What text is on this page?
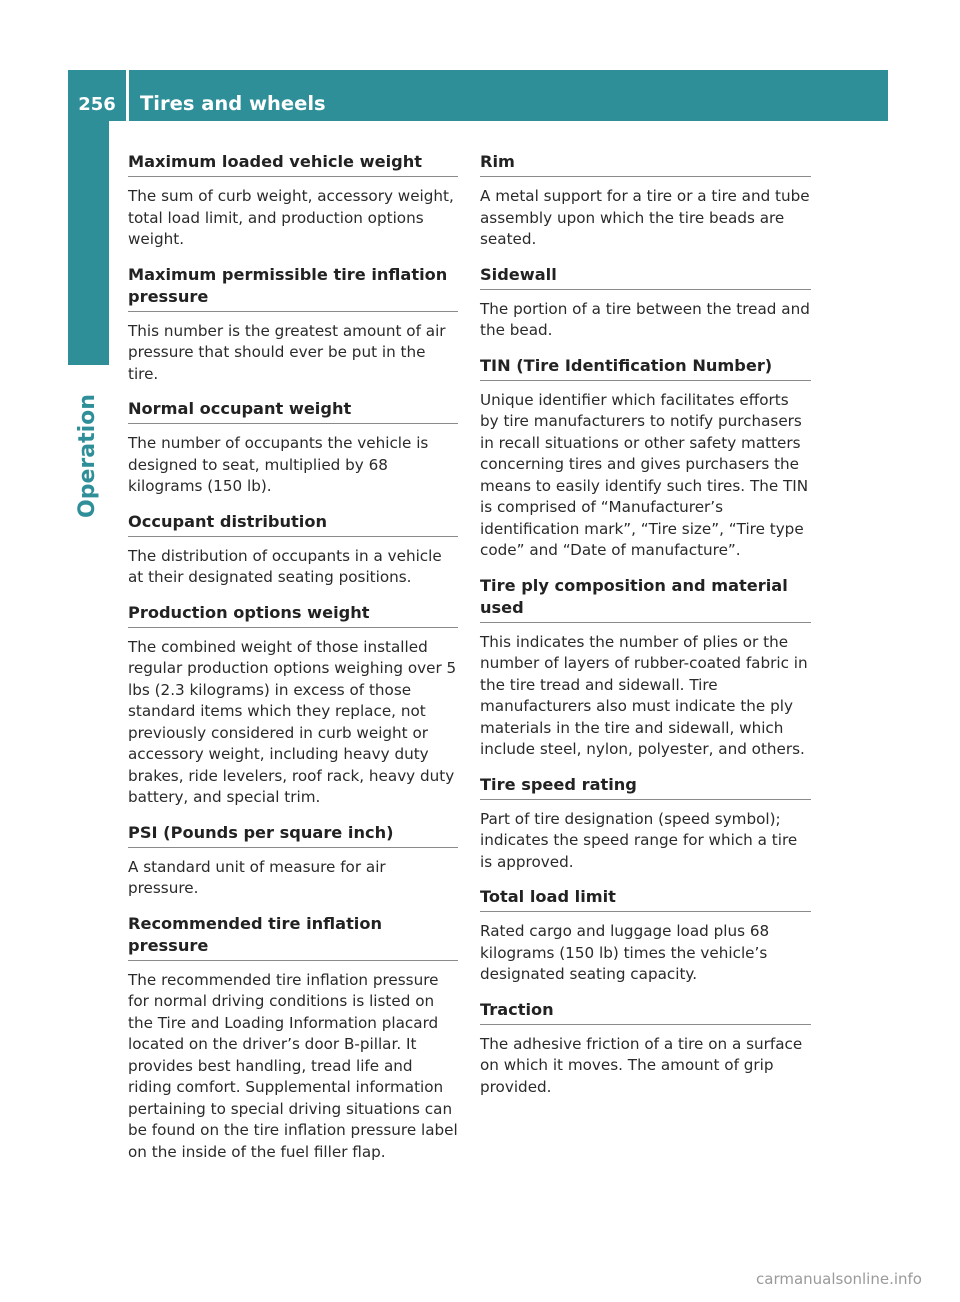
256	Tires and wheels
Operation
Maximum loaded vehicle weight
The sum of curb weight, accessory weight, total load limit, and production options weight.
Maximum permissible tire inflation pressure
This number is the greatest amount of air pressure that should ever be put in the tire.
Normal occupant weight
The number of occupants the vehicle is designed to seat, multiplied by 68 kilograms (150 lb).
Occupant distribution
The distribution of occupants in a vehicle at their designated seating positions.
Production options weight
The combined weight of those installed regular production options weighing over 5 lbs (2.3 kilograms) in excess of those standard items which they replace, not previously considered in curb weight or accessory weight, including heavy duty brakes, ride levelers, roof rack, heavy duty battery, and special trim.
PSI (Pounds per square inch)
A standard unit of measure for air pressure.
Recommended tire inflation pressure
The recommended tire inflation pressure for normal driving conditions is listed on the Tire and Loading Information placard located on the driver’s door B-pillar. It provides best handling, tread life and riding comfort. Supplemental information pertaining to special driving situations can be found on the tire inflation pressure label on the inside of the fuel filler flap.
Rim
A metal support for a tire or a tire and tube assembly upon which the tire beads are seated.
Sidewall
The portion of a tire between the tread and the bead.
TIN (Tire Identification Number)
Unique identifier which facilitates efforts by tire manufacturers to notify purchasers in recall situations or other safety matters concerning tires and gives purchasers the means to easily identify such tires. The TIN is comprised of “Manufacturer’s identification mark”, “Tire size”, “Tire type code” and “Date of manufacture”.
Tire ply composition and material used
This indicates the number of plies or the number of layers of rubber-coated fabric in the tire tread and sidewall. Tire manufacturers also must indicate the ply materials in the tire and sidewall, which include steel, nylon, polyester, and others.
Tire speed rating
Part of tire designation (speed symbol); indicates the speed range for which a tire is approved.
Total load limit
Rated cargo and luggage load plus 68 kilograms (150 lb) times the vehicle’s designated seating capacity.
Traction
The adhesive friction of a tire on a surface on which it moves. The amount of grip provided.
carmanualsonline.info
